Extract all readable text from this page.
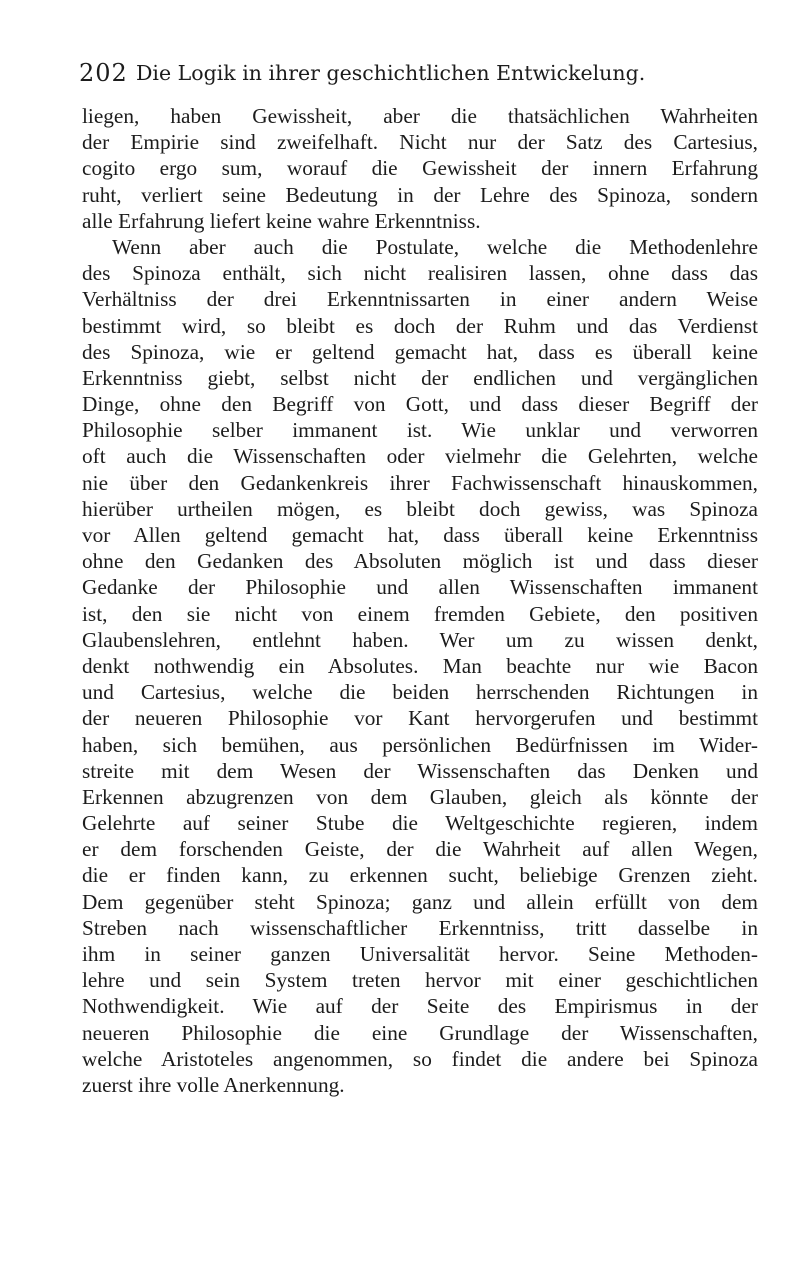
202 Die Logik in ihrer geschichtlichen Entwickelung.
liegen, haben Gewissheit, aber die thatsächlichen Wahrheiten
der Empirie sind zweifelhaft. Nicht nur der Satz des Cartesius,
cogito ergo sum, worauf die Gewissheit der innern Erfahrung
ruht, verliert seine Bedeutung in der Lehre des Spinoza, sondern
alle Erfahrung liefert keine wahre Erkenntniss.
Wenn aber auch die Postulate, welche die Methodenlehre
des Spinoza enthält, sich nicht realisiren lassen, ohne dass das
Verhältniss der drei Erkenntnissarten in einer andern Weise
bestimmt wird, so bleibt es doch der Ruhm und das Verdienst
des Spinoza, wie er geltend gemacht hat, dass es überall keine
Erkenntniss giebt, selbst nicht der endlichen und vergänglichen
Dinge, ohne den Begriff von Gott, und dass dieser Begriff der
Philosophie selber immanent ist. Wie unklar und verworren
oft auch die Wissenschaften oder vielmehr die Gelehrten, welche
nie über den Gedankenkreis ihrer Fachwissenschaft hinauskommen,
hierüber urtheilen mögen, es bleibt doch gewiss, was Spinoza
vor Allen geltend gemacht hat, dass überall keine Erkenntniss
ohne den Gedanken des Absoluten möglich ist und dass dieser
Gedanke der Philosophie und allen Wissenschaften immanent
ist, den sie nicht von einem fremden Gebiete, den positiven
Glaubenslehren, entlehnt haben. Wer um zu wissen denkt,
denkt nothwendig ein Absolutes. Man beachte nur wie Bacon
und Cartesius, welche die beiden herrschenden Richtungen in
der neueren Philosophie vor Kant hervorgerufen und bestimmt
haben, sich bemühen, aus persönlichen Bedürfnissen im Wider-
streite mit dem Wesen der Wissenschaften das Denken und
Erkennen abzugrenzen von dem Glauben, gleich als könnte der
Gelehrte auf seiner Stube die Weltgeschichte regieren, indem
er dem forschenden Geiste, der die Wahrheit auf allen Wegen,
die er finden kann, zu erkennen sucht, beliebige Grenzen zieht.
Dem gegenüber steht Spinoza; ganz und allein erfüllt von dem
Streben nach wissenschaftlicher Erkenntniss, tritt dasselbe in
ihm in seiner ganzen Universalität hervor. Seine Methoden-
lehre und sein System treten hervor mit einer geschichtlichen
Nothwendigkeit. Wie auf der Seite des Empirismus in der
neueren Philosophie die eine Grundlage der Wissenschaften,
welche Aristoteles angenommen, so findet die andere bei Spinoza
zuerst ihre volle Anerkennung.
